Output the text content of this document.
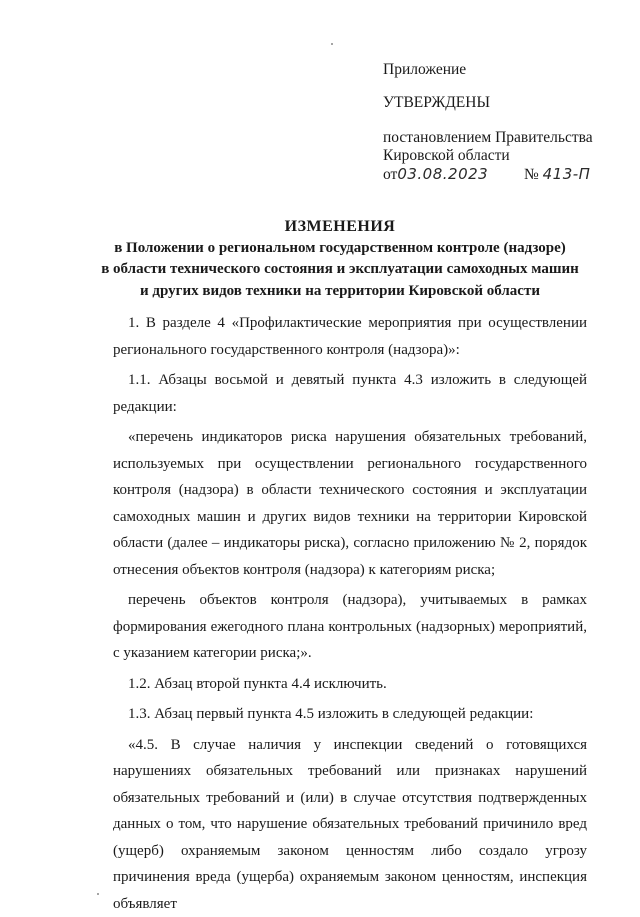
Приложение
УТВЕРЖДЕНЫ
постановлением Правительства
Кировской области
от03.08.2023 № 413-П
ИЗМЕНЕНИЯ
в Положении о региональном государственном контроле (надзоре)
в области технического состояния и эксплуатации самоходных машин
и других видов техники на территории Кировской области

1. В разделе 4 «Профилактические мероприятия при осуществлении регионального государственного контроля (надзора)»:

1.1. Абзацы восьмой и девятый пункта 4.3 изложить в следующей редакции:

«перечень индикаторов риска нарушения обязательных требований, используемых при осуществлении регионального государственного контроля (надзора) в области технического состояния и эксплуатации самоходных машин и других видов техники на территории Кировской области (далее – индикаторы риска), согласно приложению № 2, порядок отнесения объектов контроля (надзора) к категориям риска;

перечень объектов контроля (надзора), учитываемых в рамках формирования ежегодного плана контрольных (надзорных) мероприятий, с указанием категории риска;».

1.2. Абзац второй пункта 4.4 исключить.

1.3. Абзац первый пункта 4.5 изложить в следующей редакции:

«4.5. В случае наличия у инспекции сведений о готовящихся нарушениях обязательных требований или признаках нарушений обязательных требований и (или) в случае отсутствия подтвержденных данных о том, что нарушение обязательных требований причинило вред (ущерб) охраняемым законом ценностям либо создало угрозу причинения вреда (ущерба) охраняемым законом ценностям, инспекция объявляет
